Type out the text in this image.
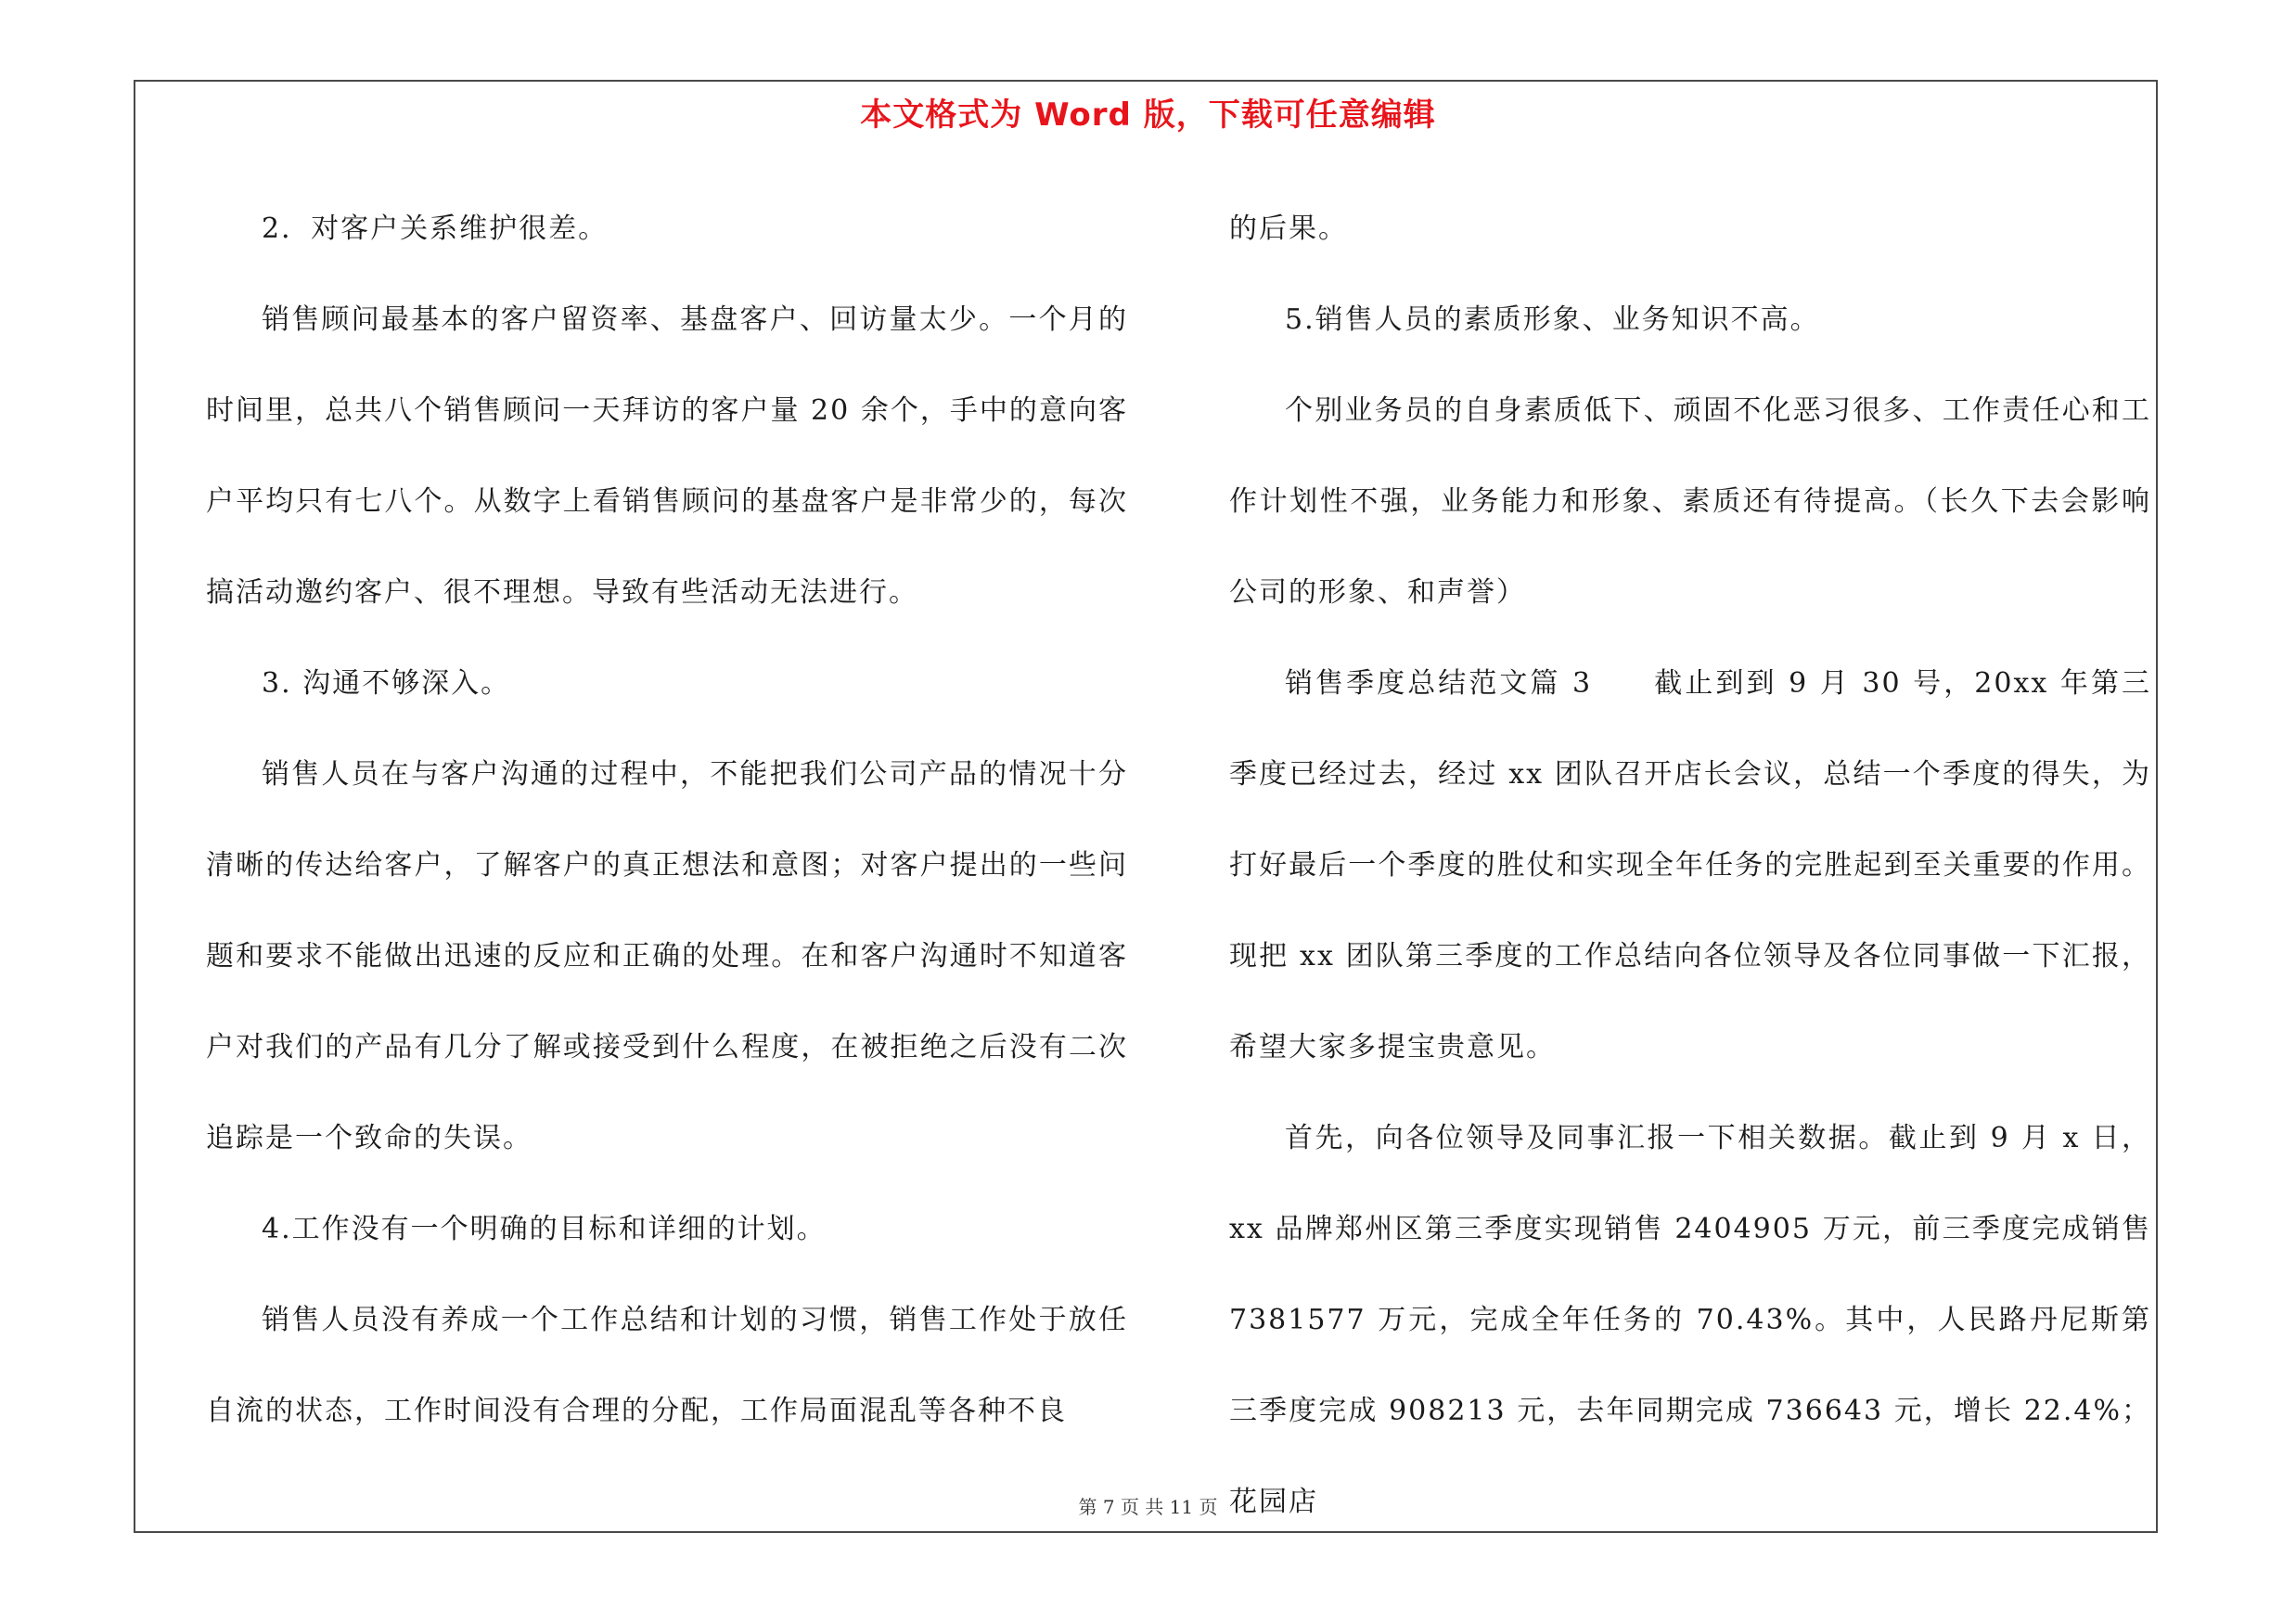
本文格式为 Word 版，下载可任意编辑

2．对客户关系维护很差。

销售顾问最基本的客户留资率、基盘客户、回访量太少。一个月的时间里，总共八个销售顾问一天拜访的客户量 20 余个，手中的意向客户平均只有七八个。从数字上看销售顾问的基盘客户是非常少的，每次搞活动邀约客户、很不理想。导致有些活动无法进行。

3. 沟通不够深入。

销售人员在与客户沟通的过程中，不能把我们公司产品的情况十分清晰的传达给客户，了解客户的真正想法和意图；对客户提出的一些问题和要求不能做出迅速的反应和正确的处理。在和客户沟通时不知道客户对我们的产品有几分了解或接受到什么程度，在被拒绝之后没有二次追踪是一个致命的失误。

4.工作没有一个明确的目标和详细的计划。

销售人员没有养成一个工作总结和计划的习惯，销售工作处于放任自流的状态，工作时间没有合理的分配，工作局面混乱等各种不良

的后果。

5.销售人员的素质形象、业务知识不高。

个别业务员的自身素质低下、顽固不化恶习很多、工作责任心和工作计划性不强，业务能力和形象、素质还有待提高。（长久下去会影响公司的形象、和声誉）

销售季度总结范文篇 3　　截止到到 9 月 30 号，20xx 年第三季度已经过去，经过 xx 团队召开店长会议，总结一个季度的得失，为打好最后一个季度的胜仗和实现全年任务的完胜起到至关重要的作用。现把 xx 团队第三季度的工作总结向各位领导及各位同事做一下汇报，希望大家多提宝贵意见。

首先，向各位领导及同事汇报一下相关数据。截止到 9 月 x 日，xx 品牌郑州区第三季度实现销售 2404905 万元，前三季度完成销售 7381577 万元，完成全年任务的 70.43%。其中，人民路丹尼斯第三季度完成 908213 元，去年同期完成 736643 元，增长 22.4%；花园店

第 7 页 共 11 页
